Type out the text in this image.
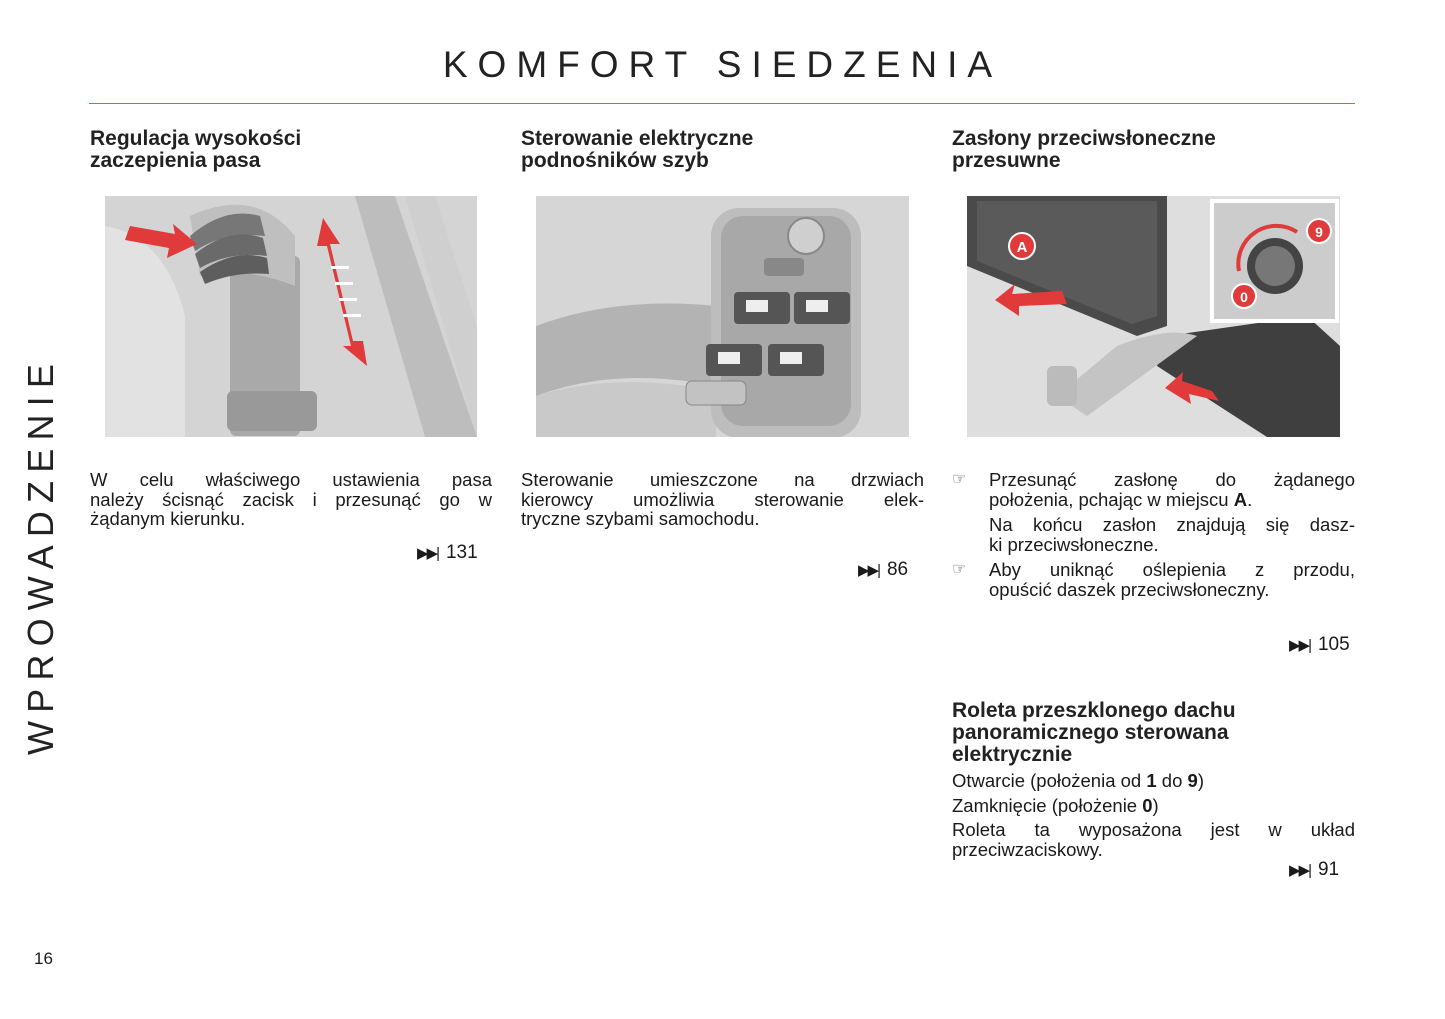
KOMFORT SIEDZENIA
WPROWADZENIE
16
Regulacja wysokości
zaczepienia pasa

W celu właściwego ustawienia pasa

należy ścisnąć zacisk i przesunąć go w

żądanym kierunku.

▶▶| 131
Sterowanie elektryczne
podnośników szyb

Sterowanie umieszczone na drzwiach

kierowcy umożliwia sterowanie elek-

tryczne szybami samochodu.

▶▶| 86
Zasłony przeciwsłoneczne
przesuwne
A
9
0
☞ Przesunąć zasłonę do żądanego

położenia, pchając w miejscu A.

Na końcu zasłon znajdują się dasz-

ki przeciwsłoneczne.

☞ Aby uniknąć oślepienia z przodu,

opuścić daszek przeciwsłoneczny.

▶▶| 105
Roleta przeszklonego dachu
panoramicznego sterowana
elektrycznie

Otwarcie (położenia od 1 do 9)

Zamknięcie (położenie 0)

Roleta ta wyposażona jest w układ

przeciwzaciskowy.

▶▶| 91
